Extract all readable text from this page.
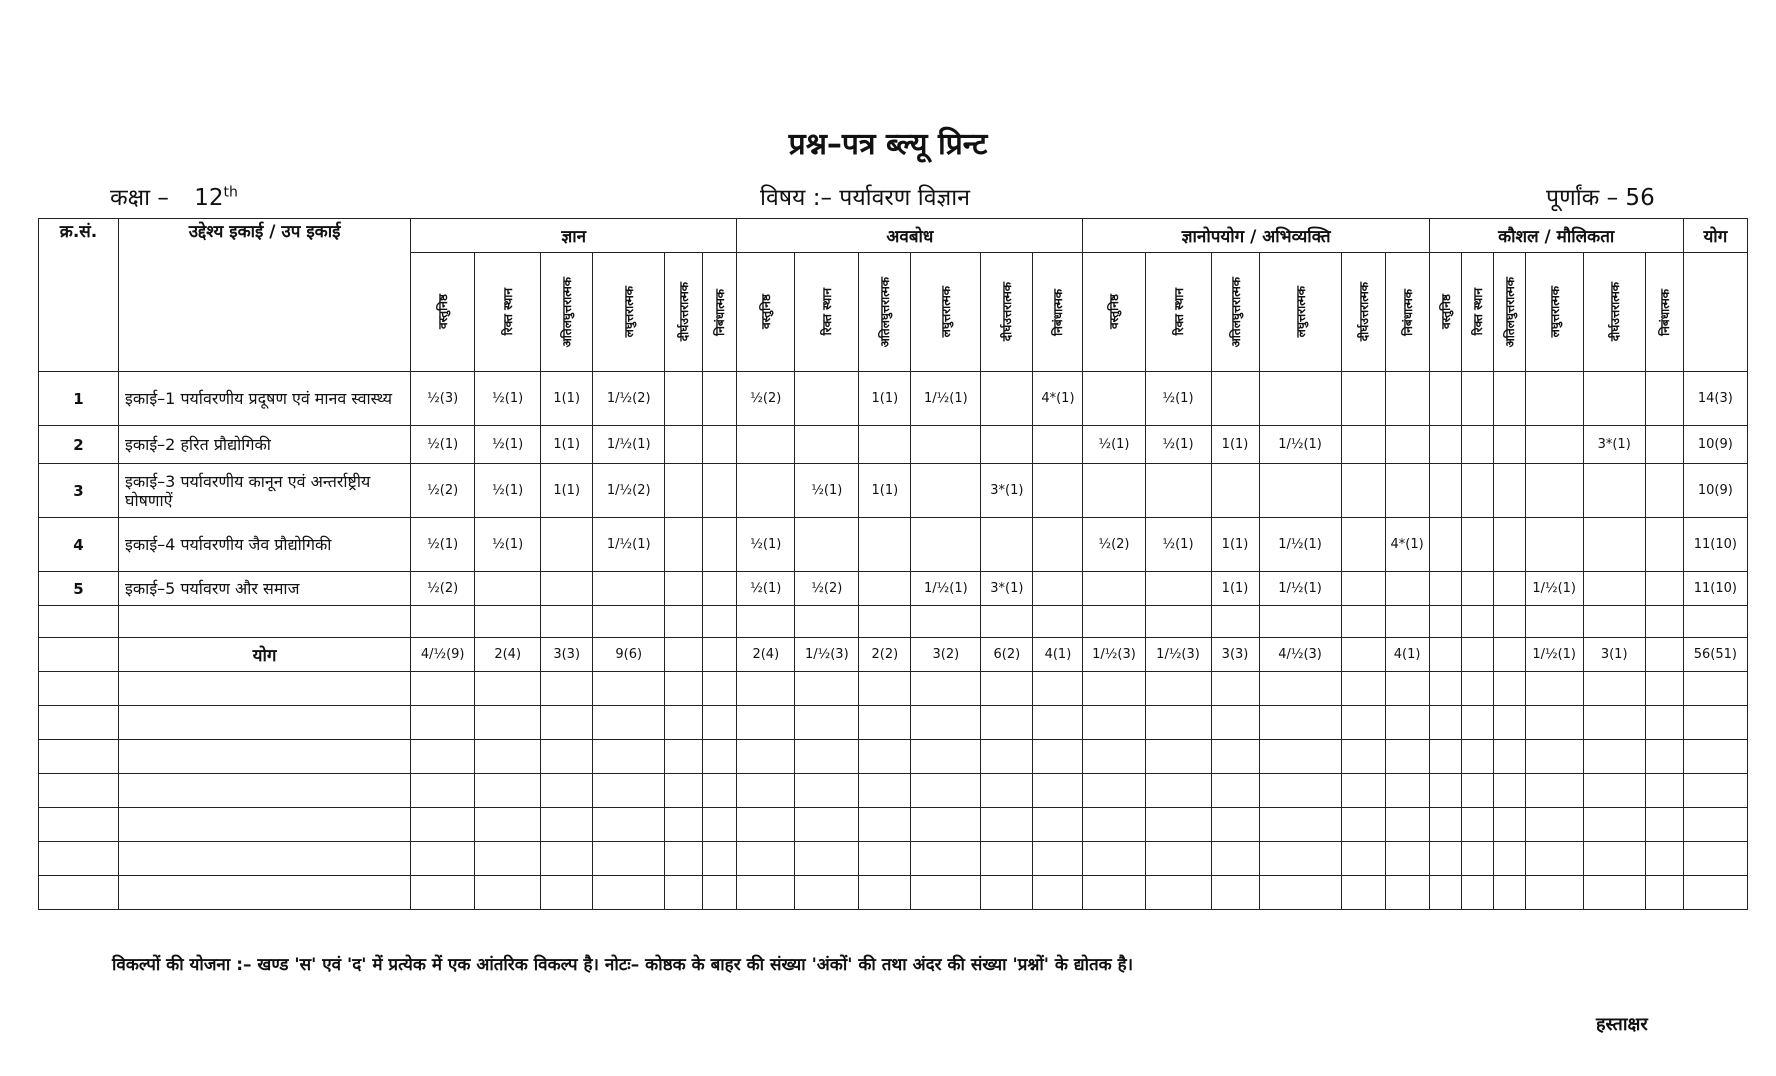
प्रश्न–पत्र ब्ल्यू प्रिन्ट
कक्षा – 12th	विषय :– पर्यावरण विज्ञान	पूर्णांक – 56
क्र.सं.	उद्देश्य इकाई / उप इकाई	ज्ञान						अवबोध						ज्ञानोपयोग / अभिव्यक्ति						कौशल / मौलिकता						योग

		वस्तुनिष्ठ	रिक्त स्थान	अतिलघुत्तरात्मक	लघुत्तरात्मक	दीर्घउत्तरात्मक	निबंधात्मक	वस्तुनिष्ठ	रिक्त स्थान	अतिलघुत्तरात्मक	लघुत्तरात्मक	दीर्घउत्तरात्मक	निबंधात्मक	वस्तुनिष्ठ	रिक्त स्थान	अतिलघुत्तरात्मक	लघुत्तरात्मक	दीर्घउत्तरात्मक	निबंधात्मक	वस्तुनिष्ठ	रिक्त स्थान	अतिलघुत्तरात्मक	लघुत्तरात्मक	दीर्घउत्तरात्मक	निबंधात्मक	

1	इकाई–1 पर्यावरणीय प्रदूषण एवं मानव स्वास्थ्य	½(3)	½(1)	1(1)	1/½(2)			½(2)		1(1)	1/½(1)		4*(1)		½(1)											14(3)
2	इकाई–2 हरित प्रौद्योगिकी	½(1)	½(1)	1(1)	1/½(1)									½(1)	½(1)	1(1)	1/½(1)							3*(1)		10(9)
3	इकाई–3 पर्यावरणीय कानून एवं अन्तर्राष्ट्रीय घोषणाऐं	½(2)	½(1)	1(1)	1/½(2)				½(1)	1(1)		3*(1)														10(9)
4	इकाई–4 पर्यावरणीय जैव प्रौद्योगिकी	½(1)	½(1)		1/½(1)			½(1)						½(2)	½(1)	1(1)	1/½(1)		4*(1)							11(10)
5	इकाई–5 पर्यावरण और समाज	½(2)						½(1)	½(2)		1/½(1)	3*(1)				1(1)	1/½(1)						1/½(1)			11(10)

	योग	4/½(9)	2(4)	3(3)	9(6)			2(4)	1/½(3)	2(2)	3(2)	6(2)	4(1)	1/½(3)	1/½(3)	3(3)	4/½(3)		4(1)				1/½(1)	3(1)		56(51)

विकल्पों की योजना :– खण्ड 'स' एवं 'द' में प्रत्येक में एक आंतरिक विकल्प है। नोटः– कोष्ठक के बाहर की संख्या 'अंकों' की तथा अंदर की संख्या 'प्रश्नों' के द्योतक है।
हस्ताक्षर
